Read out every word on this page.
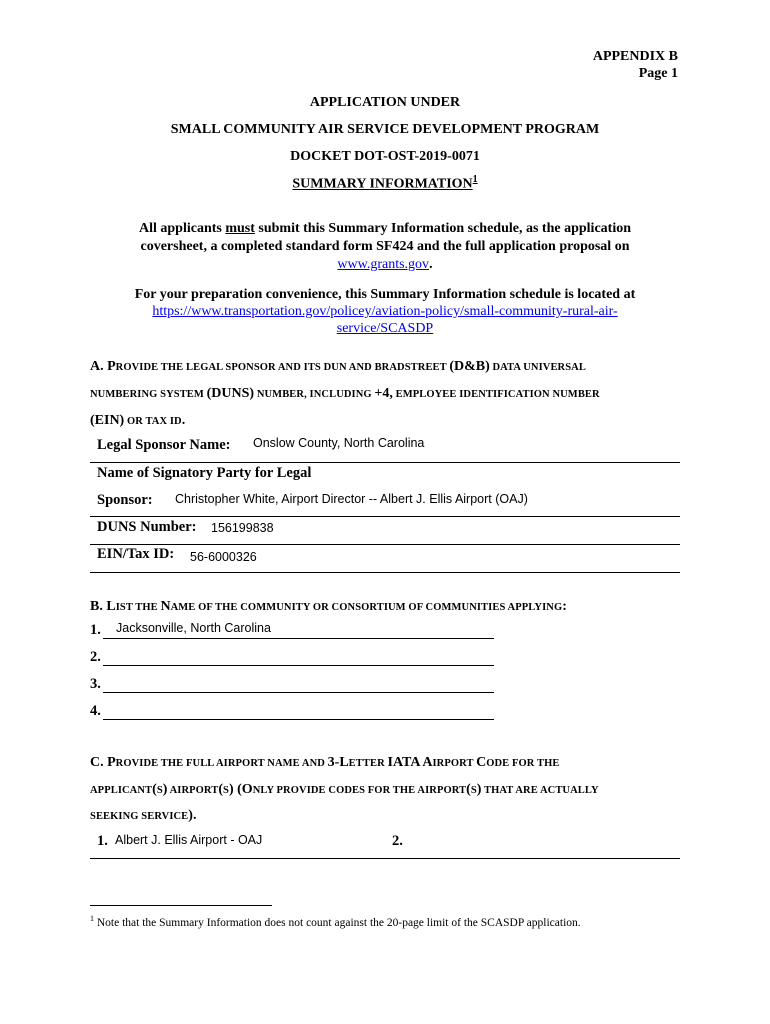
APPENDIX B
Page 1
APPLICATION UNDER
SMALL COMMUNITY AIR SERVICE DEVELOPMENT PROGRAM
DOCKET DOT-OST-2019-0071
SUMMARY INFORMATION$^1$
All applicants must submit this Summary Information schedule, as the application
coversheet, a completed standard form SF424 and the full application proposal on
www.grants.gov.
For your preparation convenience, this Summary Information schedule is located at
https://www.transportation.gov/policey/aviation-policy/small-community-rural-air-
service/SCASDP
A. PROVIDE THE LEGAL SPONSOR AND ITS DUN AND BRADSTREET (D&B) DATA UNIVERSAL
NUMBERING SYSTEM (DUNS) NUMBER, INCLUDING +4, EMPLOYEE IDENTIFICATION NUMBER
(EIN) OR TAX ID.
Legal Sponsor Name: Onslow County, North Carolina
Name of Signatory Party for Legal
Sponsor: Christopher White, Airport Director -- Albert J. Ellis Airport (OAJ)
DUNS Number: 156199838
EIN/Tax ID: 56-6000326
B. LIST THE NAME OF THE COMMUNITY OR CONSORTIUM OF COMMUNITIES APPLYING:
1. Jacksonville, North Carolina
2.
3.
4.
C. PROVIDE THE FULL AIRPORT NAME AND 3-LETTER IATA AIRPORT CODE FOR THE
APPLICANT(S) AIRPORT(S) (ONLY PROVIDE CODES FOR THE AIRPORT(S) THAT ARE ACTUALLY
SEEKING SERVICE).
1. Albert J. Ellis Airport - OAJ	2.
$^1$ Note that the Summary Information does not count against the 20-page limit of the SCASDP application.
